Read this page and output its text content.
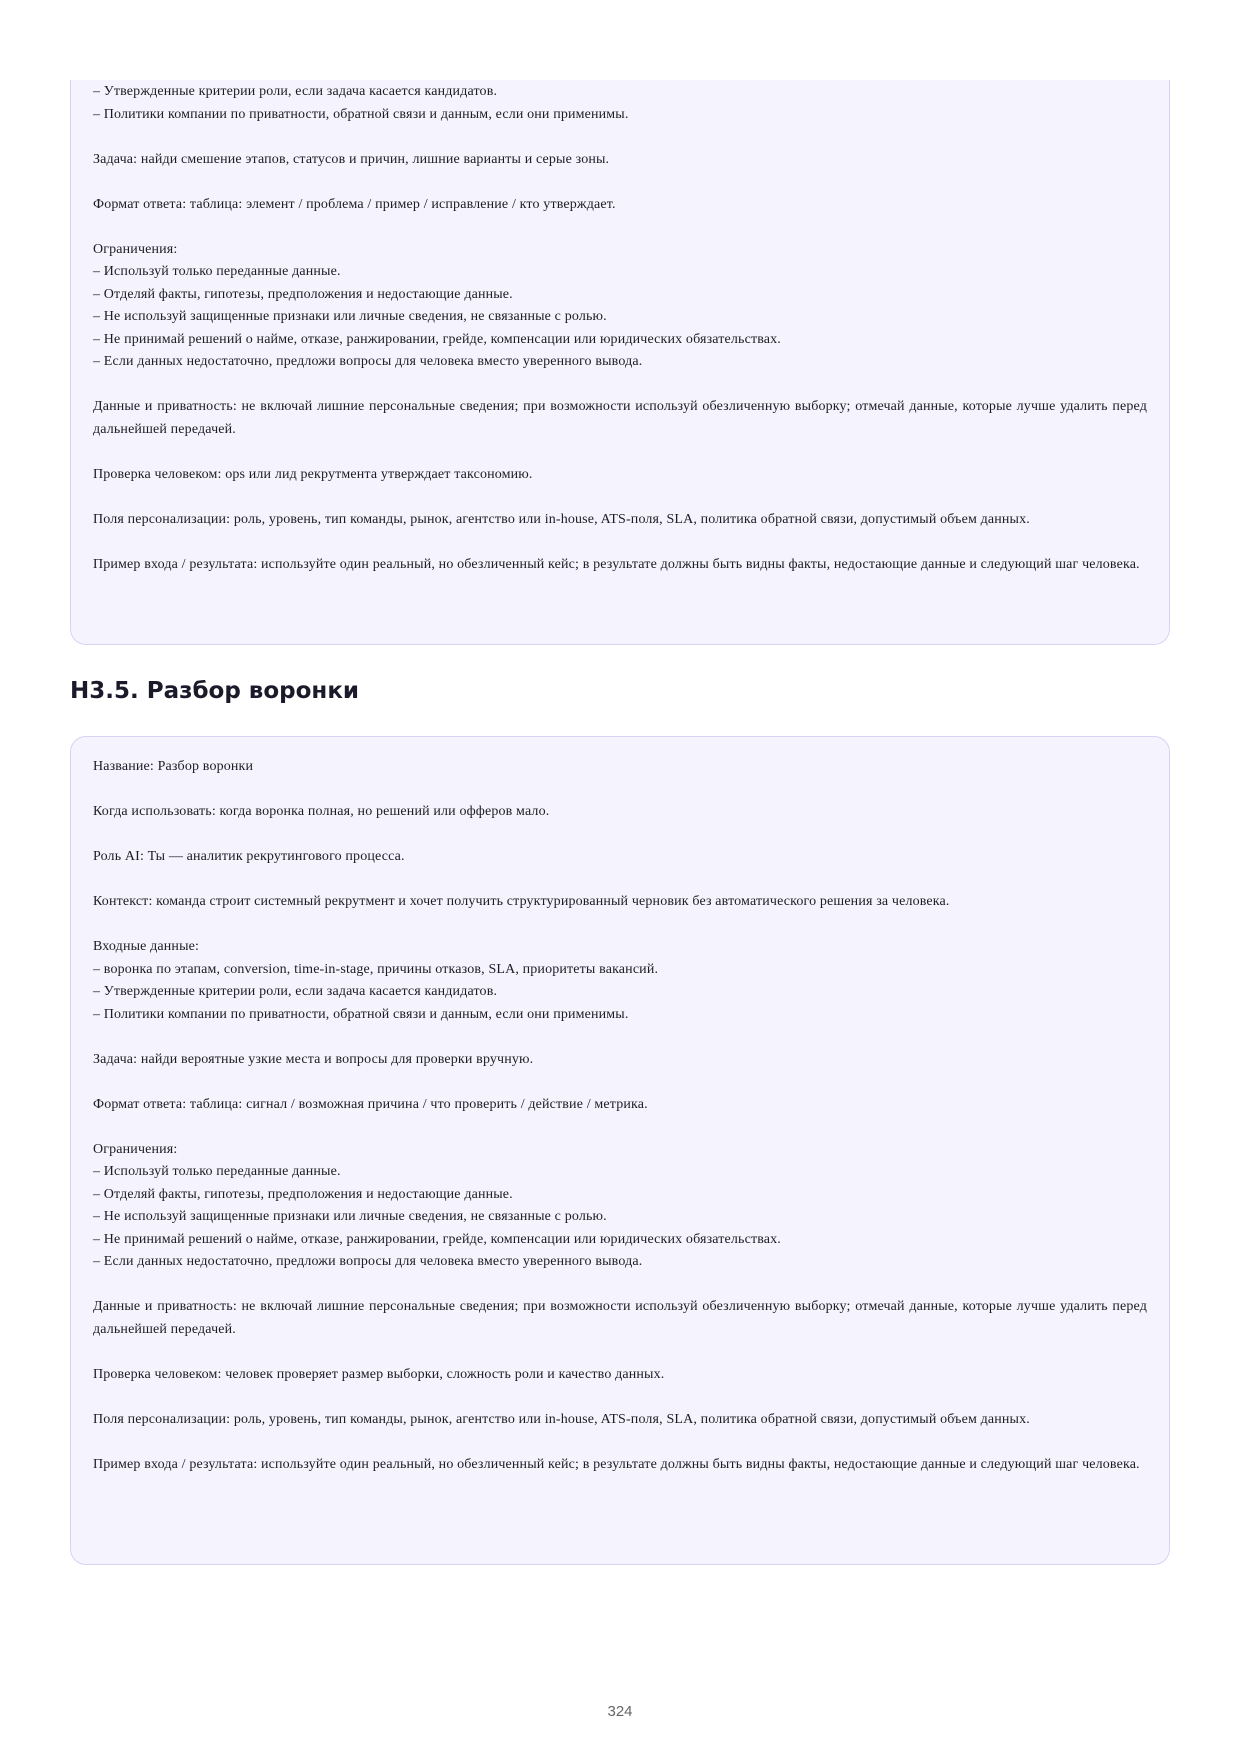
– Утвержденные критерии роли, если задача касается кандидатов.
– Политики компании по приватности, обратной связи и данным, если они применимы.
Задача: найди смешение этапов, статусов и причин, лишние варианты и серые зоны.
Формат ответа: таблица: элемент / проблема / пример / исправление / кто утверждает.
Ограничения:
– Используй только переданные данные.
– Отделяй факты, гипотезы, предположения и недостающие данные.
– Не используй защищенные признаки или личные сведения, не связанные с ролью.
– Не принимай решений о найме, отказе, ранжировании, грейде, компенсации или юридических обязательствах.
– Если данных недостаточно, предложи вопросы для человека вместо уверенного вывода.
Данные и приватность: не включай лишние персональные сведения; при возможности используй обезличенную выборку; отмечай данные, которые лучше удалить перед дальнейшей передачей.
Проверка человеком: ops или лид рекрутмента утверждает таксономию.
Поля персонализации: роль, уровень, тип команды, рынок, агентство или in-house, ATS-поля, SLA, политика обратной связи, допустимый объем данных.
Пример входа / результата: используйте один реальный, но обезличенный кейс; в результате должны быть видны факты, недостающие данные и следующий шаг человека.
H3.5. Разбор воронки
Название: Разбор воронки
Когда использовать: когда воронка полная, но решений или офферов мало.
Роль AI: Ты — аналитик рекрутингового процесса.
Контекст: команда строит системный рекрутмент и хочет получить структурированный черновик без автоматического решения за человека.
Входные данные:
– воронка по этапам, conversion, time-in-stage, причины отказов, SLA, приоритеты вакансий.
– Утвержденные критерии роли, если задача касается кандидатов.
– Политики компании по приватности, обратной связи и данным, если они применимы.
Задача: найди вероятные узкие места и вопросы для проверки вручную.
Формат ответа: таблица: сигнал / возможная причина / что проверить / действие / метрика.
Ограничения:
– Используй только переданные данные.
– Отделяй факты, гипотезы, предположения и недостающие данные.
– Не используй защищенные признаки или личные сведения, не связанные с ролью.
– Не принимай решений о найме, отказе, ранжировании, грейде, компенсации или юридических обязательствах.
– Если данных недостаточно, предложи вопросы для человека вместо уверенного вывода.
Данные и приватность: не включай лишние персональные сведения; при возможности используй обезличенную выборку; отмечай данные, которые лучше удалить перед дальнейшей передачей.
Проверка человеком: человек проверяет размер выборки, сложность роли и качество данных.
Поля персонализации: роль, уровень, тип команды, рынок, агентство или in-house, ATS-поля, SLA, политика обратной связи, допустимый объем данных.
Пример входа / результата: используйте один реальный, но обезличенный кейс; в результате должны быть видны факты, недостающие данные и следующий шаг человека.
324
